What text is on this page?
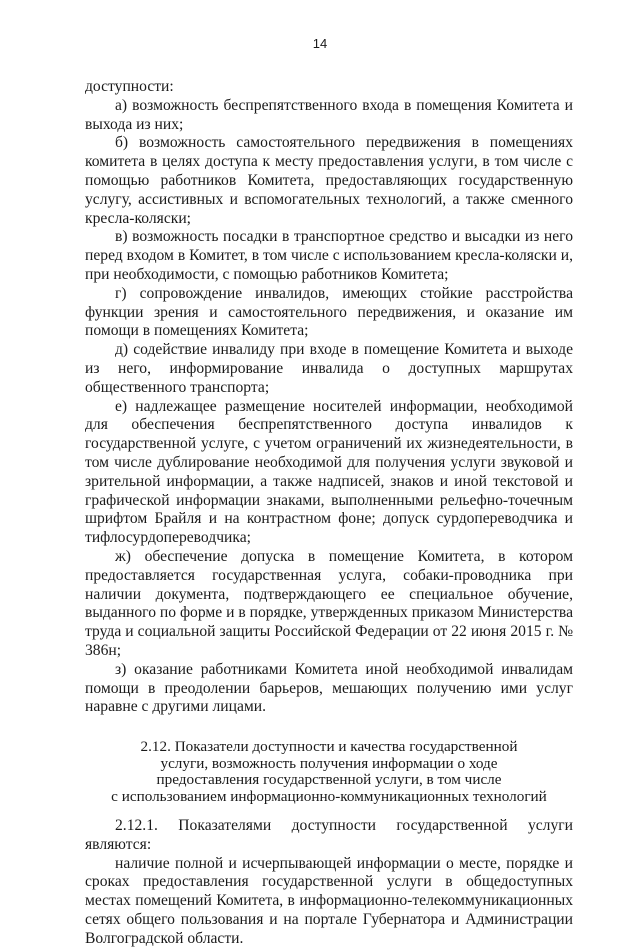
14

доступности:

а) возможность беспрепятственного входа в помещения Комитета и выхода из них;

б) возможность самостоятельного передвижения в помещениях комитета в целях доступа к месту предоставления услуги, в том числе с помощью работников Комитета, предоставляющих государственную услугу, ассистивных и вспомогательных технологий, а также сменного кресла-коляски;

в) возможность посадки в транспортное средство и высадки из него перед входом в Комитет, в том числе с использованием кресла-коляски и, при необходимости, с помощью работников Комитета;

г) сопровождение инвалидов, имеющих стойкие расстройства функции зрения и самостоятельного передвижения, и оказание им помощи в помещениях Комитета;

д) содействие инвалиду при входе в помещение Комитета и выходе из него, информирование инвалида о доступных маршрутах общественного транспорта;

е) надлежащее размещение носителей информации, необходимой для обеспечения беспрепятственного доступа инвалидов к государственной услуге, с учетом ограничений их жизнедеятельности, в том числе дублирование необходимой для получения услуги звуковой и зрительной информации, а также надписей, знаков и иной текстовой и графической информации знаками, выполненными рельефно-точечным шрифтом Брайля и на контрастном фоне; допуск сурдопереводчика и тифлосурдопереводчика;

ж) обеспечение допуска в помещение Комитета, в котором предоставляется государственная услуга, собаки-проводника при наличии документа, подтверждающего ее специальное обучение, выданного по форме и в порядке, утвержденных приказом Министерства труда и социальной защиты Российской Федерации от 22 июня 2015 г. № 386н;

з) оказание работниками Комитета иной необходимой инвалидам помощи в преодолении барьеров, мешающих получению ими услуг наравне с другими лицами.

2.12. Показатели доступности и качества государственной
услуги, возможность получения информации о ходе
предоставления государственной услуги, в том числе
с использованием информационно-коммуникационных технологий

2.12.1. Показателями доступности государственной услуги являются:

наличие полной и исчерпывающей информации о месте, порядке и сроках предоставления государственной услуги в общедоступных местах помещений Комитета, в информационно-телекоммуникационных сетях общего пользования и на портале Губернатора и Администрации Волгоградской области.
